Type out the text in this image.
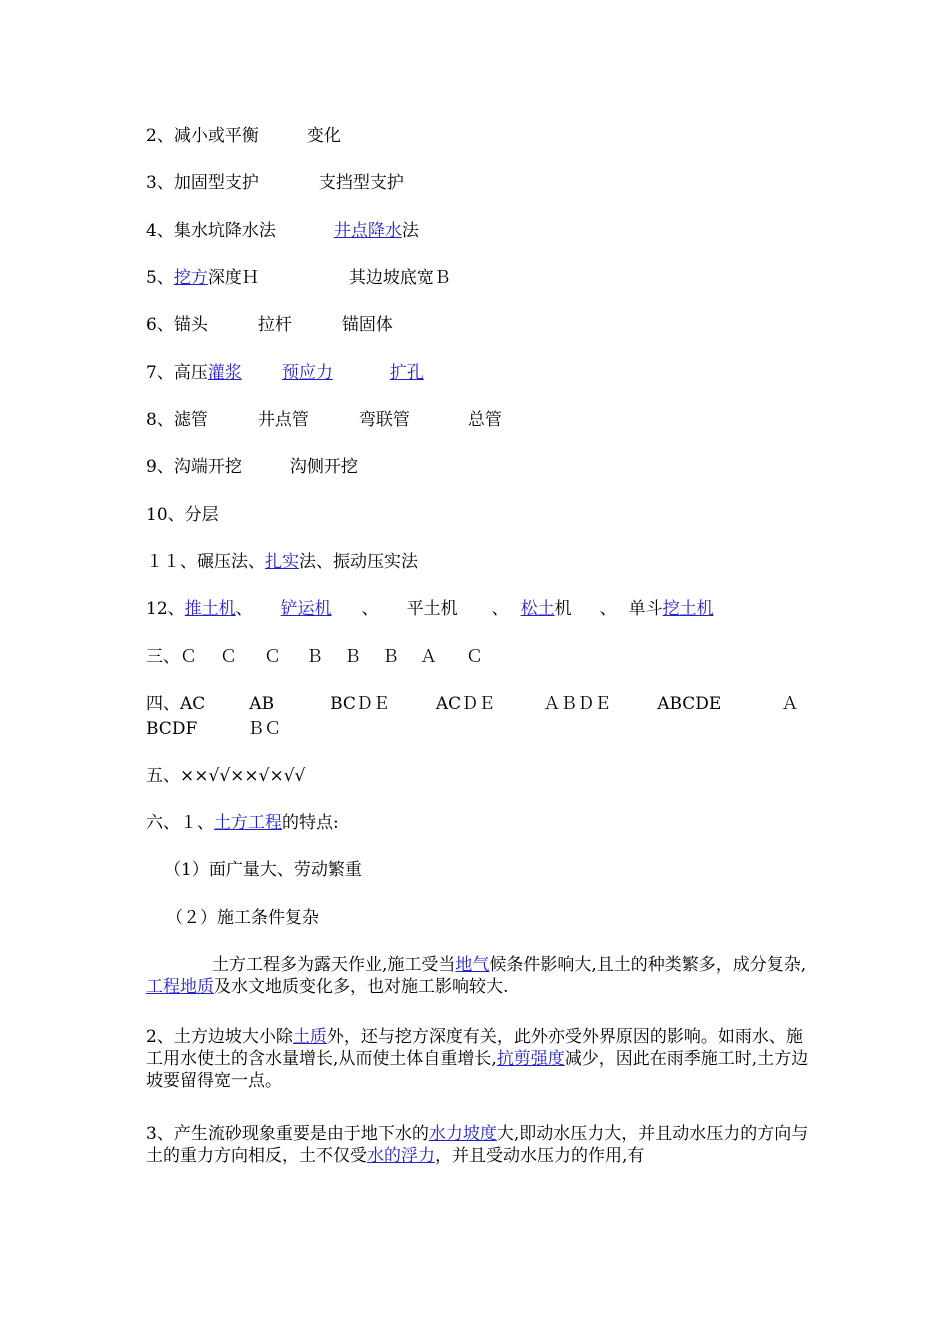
2、减小或平衡	变化
3、加固型支护	支挡型支护
4、集水坑降水法	井点降水法
5、挖方深度Ｈ	其边坡底宽Ｂ
6、锚头	拉杆	锚固体
7、高压灌浆 预应力	扩孔
8、滤管	井点管	弯联管	总管
9、沟端开挖	沟侧开挖
10、分层
１１、碾压法、扎实法、振动压实法
12、推土机、 铲运机 、 平土机 、 松土机 、 单斗挖土机
三、Ｃ Ｃ Ｃ Ｂ Ｂ Ｂ Ａ Ｃ
四、AC	AB	BCＤＥ	ACＤＥ	ＡＢＤＥ	ABCDE	Ａ
BCDF	ＢＣ
五、××√√××√×√√
六、１、土方工程的特点:
（1）面广量大、劳动繁重
（２）施工条件复杂
土方工程多为露天作业,施工受当地气候条件影响大,且土的种类繁多，成分复杂,工程地质及水文地质变化多，也对施工影响较大.
2、土方边坡大小除土质外，还与挖方深度有关，此外亦受外界原因的影响。如雨水、施工用水使土的含水量增长,从而使土体自重增长,抗剪强度减少，因此在雨季施工时,土方边坡要留得宽一点。
3、产生流砂现象重要是由于地下水的水力坡度大,即动水压力大，并且动水压力的方向与土的重力方向相反，土不仅受水的浮力，并且受动水压力的作用,有
